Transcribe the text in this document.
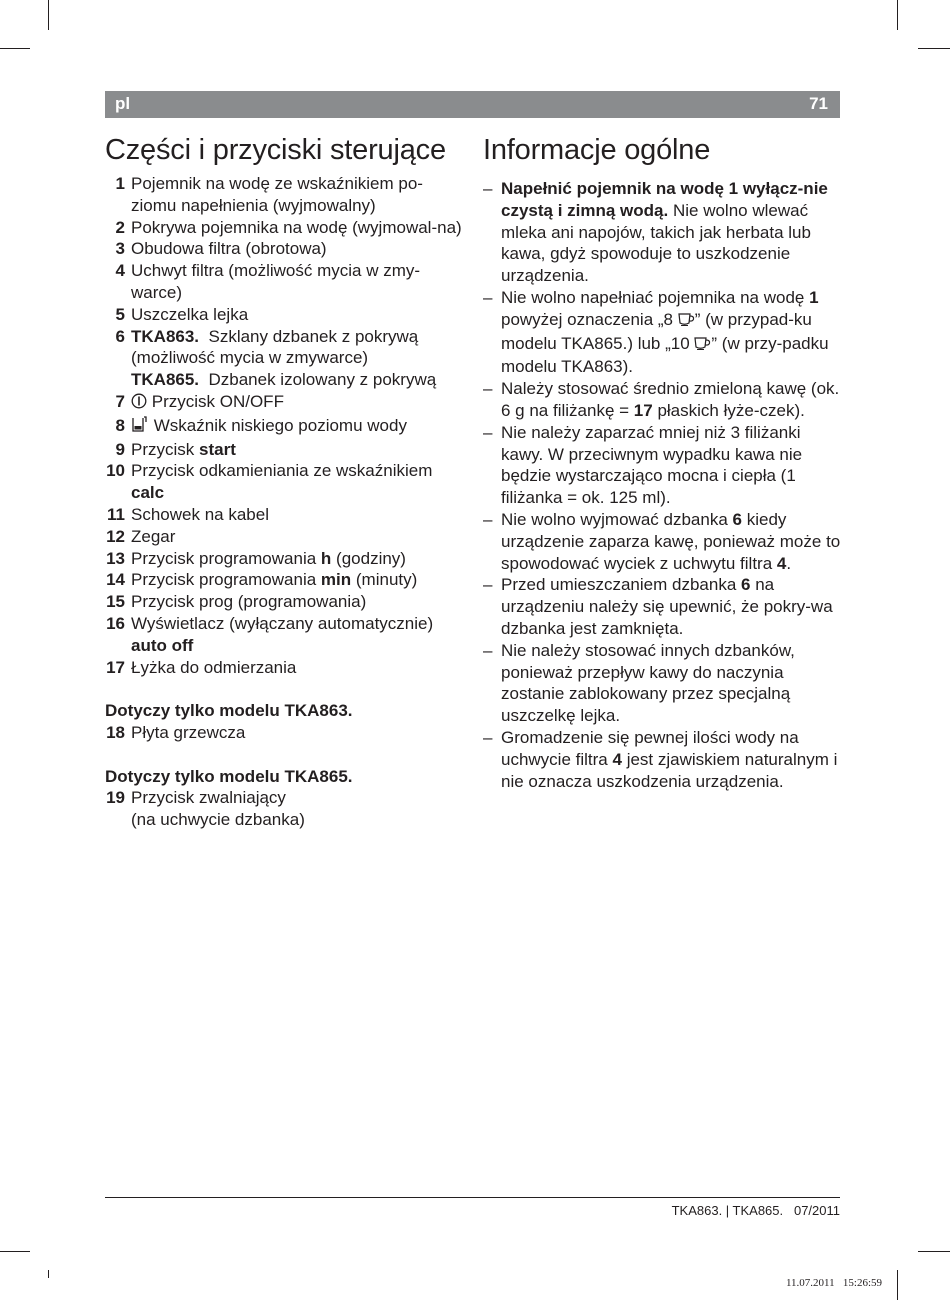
pl	71
Części i przyciski sterujące
1 Pojemnik na wodę ze wskaźnikiem po-ziomu napełnienia (wyjmowalny)
2 Pokrywa pojemnika na wodę (wyjmowal-na)
3 Obudowa filtra (obrotowa)
4 Uchwyt filtra (możliwość mycia w zmy-warce)
5 Uszczelka lejka
6 TKA863. Szklany dzbanek z pokrywą (możliwość mycia w zmywarce)
TKA865. Dzbanek izolowany z pokrywą
7	Przycisk ON/OFF
8	Wskaźnik niskiego poziomu wody
9 Przycisk start
10 Przycisk odkamieniania ze wskaźnikiem
calc
11 Schowek na kabel
12 Zegar
13 Przycisk programowania h (godziny)
14 Przycisk programowania min (minuty)
15 Przycisk prog (programowania)
16 Wyświetlacz (wyłączany automatycznie)
auto off
17 Łyżka do odmierzania
Dotyczy tylko modelu TKA863.
18 Płyta grzewcza
Dotyczy tylko modelu TKA865.
19 Przycisk zwalniający
(na uchwycie dzbanka)
Informacje ogólne
– Napełnić pojemnik na wodę 1 wyłącz-nie czystą i zimną wodą. Nie wolno wlewać mleka ani napojów, takich jak herbata lub kawa, gdyż spowoduje to uszkodzenie urządzenia.
– Nie wolno napełniać pojemnika na wodę 1 powyżej oznaczenia „8 ” (w przypad-ku modelu TKA865.) lub „10 ” (w przy-padku modelu TKA863).
– Należy stosować średnio zmieloną kawę (ok. 6 g na filiżankę = 17 płaskich łyże-czek).
– Nie należy zaparzać mniej niż 3 filiżanki kawy. W przeciwnym wypadku kawa nie będzie wystarczająco mocna i ciepła (1 filiżanka = ok. 125 ml).
– Nie wolno wyjmować dzbanka 6 kiedy urządzenie zaparza kawę, ponieważ może to spowodować wyciek z uchwytu filtra 4.
– Przed umieszczaniem dzbanka 6 na urządzeniu należy się upewnić, że pokry-wa dzbanka jest zamknięta.
– Nie należy stosować innych dzbanków, ponieważ przepływ kawy do naczynia zostanie zablokowany przez specjalną uszczelkę lejka.
– Gromadzenie się pewnej ilości wody na uchwycie filtra 4 jest zjawiskiem naturalnym i nie oznacza uszkodzenia urządzenia.
TKA863. | TKA865.   07/2011
11.07.2011   15:26:59
